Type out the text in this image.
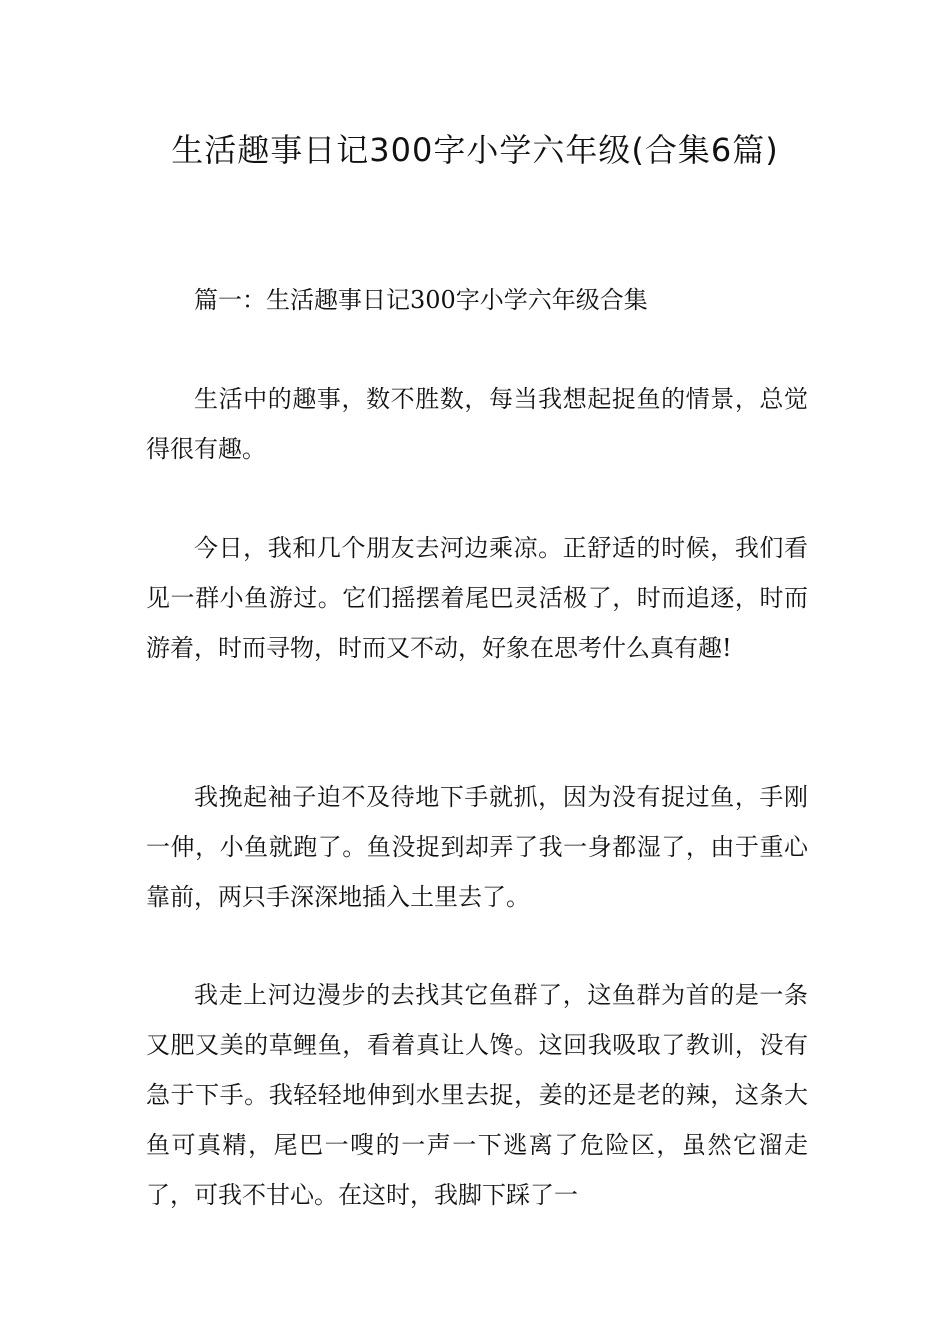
生活趣事日记300字小学六年级(合集6篇)

篇一：生活趣事日记300字小学六年级合集

生活中的趣事，数不胜数，每当我想起捉鱼的情景，总觉得很有趣。

今日，我和几个朋友去河边乘凉。正舒适的时候，我们看见一群小鱼游过。它们摇摆着尾巴灵活极了，时而追逐，时而游着，时而寻物，时而又不动，好象在思考什么真有趣!

我挽起袖子迫不及待地下手就抓，因为没有捉过鱼，手刚一伸，小鱼就跑了。鱼没捉到却弄了我一身都湿了，由于重心靠前，两只手深深地插入土里去了。

我走上河边漫步的去找其它鱼群了，这鱼群为首的是一条又肥又美的草鲤鱼，看着真让人馋。这回我吸取了教训，没有急于下手。我轻轻地伸到水里去捉，姜的还是老的辣，这条大鱼可真精，尾巴一嗖的一声一下逃离了危险区，虽然它溜走了，可我不甘心。在这时，我脚下踩了一
